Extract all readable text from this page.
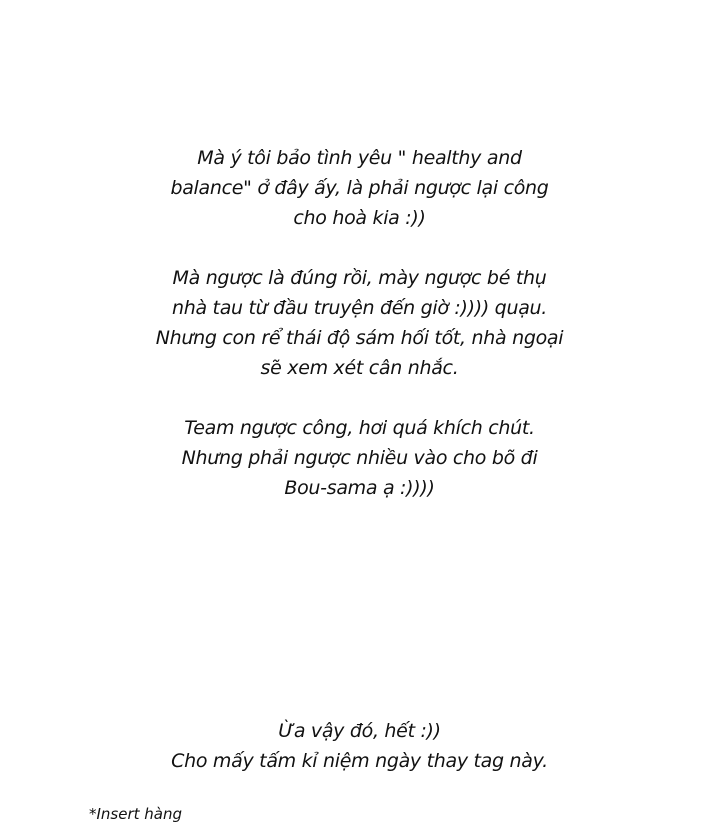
Mà ý tôi bảo tình yêu " healthy and
balance" ở đây ấy, là phải ngược lại công
cho hoà kia :))
Mà ngược là đúng rồi, mày ngược bé thụ
nhà tau từ đầu truyện đến giờ :)))) quạu.
Nhưng con rể thái độ sám hối tốt, nhà ngoại
sẽ xem xét cân nhắc.
Team ngược công, hơi quá khích chút.
Nhưng phải ngược nhiều vào cho bõ đi
Bou-sama ạ :))))
Ừa vậy đó, hết :))
Cho mấy tấm kỉ niệm ngày thay tag này.
*Insert hàng
